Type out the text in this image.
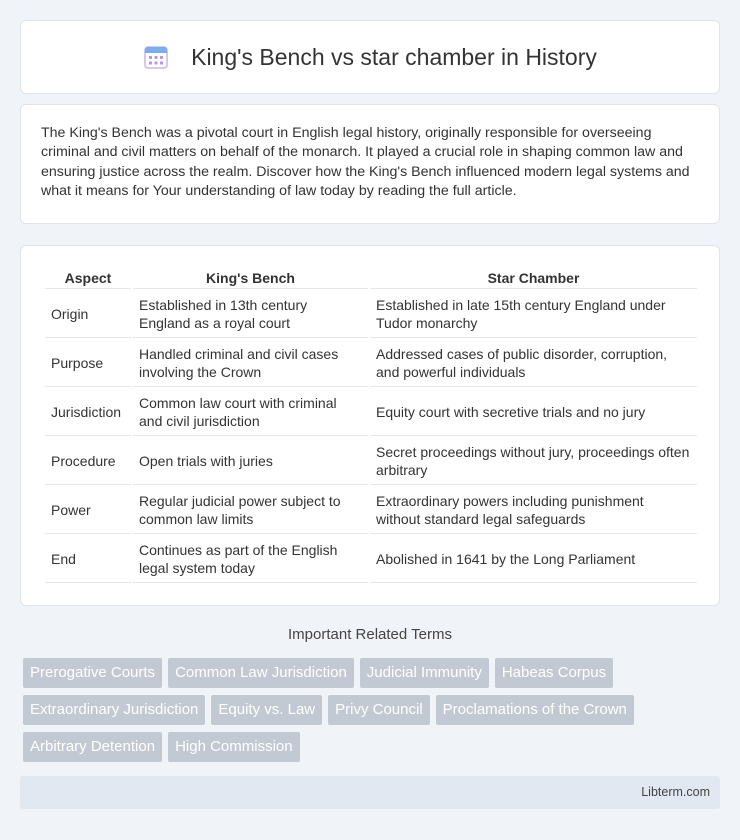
King's Bench vs star chamber in History

The King's Bench was a pivotal court in English legal history, originally responsible for overseeing criminal and civil matters on behalf of the monarch. It played a crucial role in shaping common law and ensuring justice across the realm. Discover how the King's Bench influenced modern legal systems and what it means for Your understanding of law today by reading the full article.

Aspect	King's Bench	Star Chamber
Origin	Established in 13th century England as a royal court	Established in late 15th century England under Tudor monarchy
Purpose	Handled criminal and civil cases involving the Crown	Addressed cases of public disorder, corruption, and powerful individuals
Jurisdiction	Common law court with criminal and civil jurisdiction	Equity court with secretive trials and no jury
Procedure	Open trials with juries	Secret proceedings without jury, proceedings often arbitrary
Power	Regular judicial power subject to common law limits	Extraordinary powers including punishment without standard legal safeguards
End	Continues as part of the English legal system today	Abolished in 1641 by the Long Parliament
Important Related Terms
Prerogative Courts	Common Law Jurisdiction	Judicial Immunity	Habeas Corpus
Extraordinary Jurisdiction	Equity vs. Law	Privy Council	Proclamations of the Crown
Arbitrary Detention	High Commission
Libterm.com
